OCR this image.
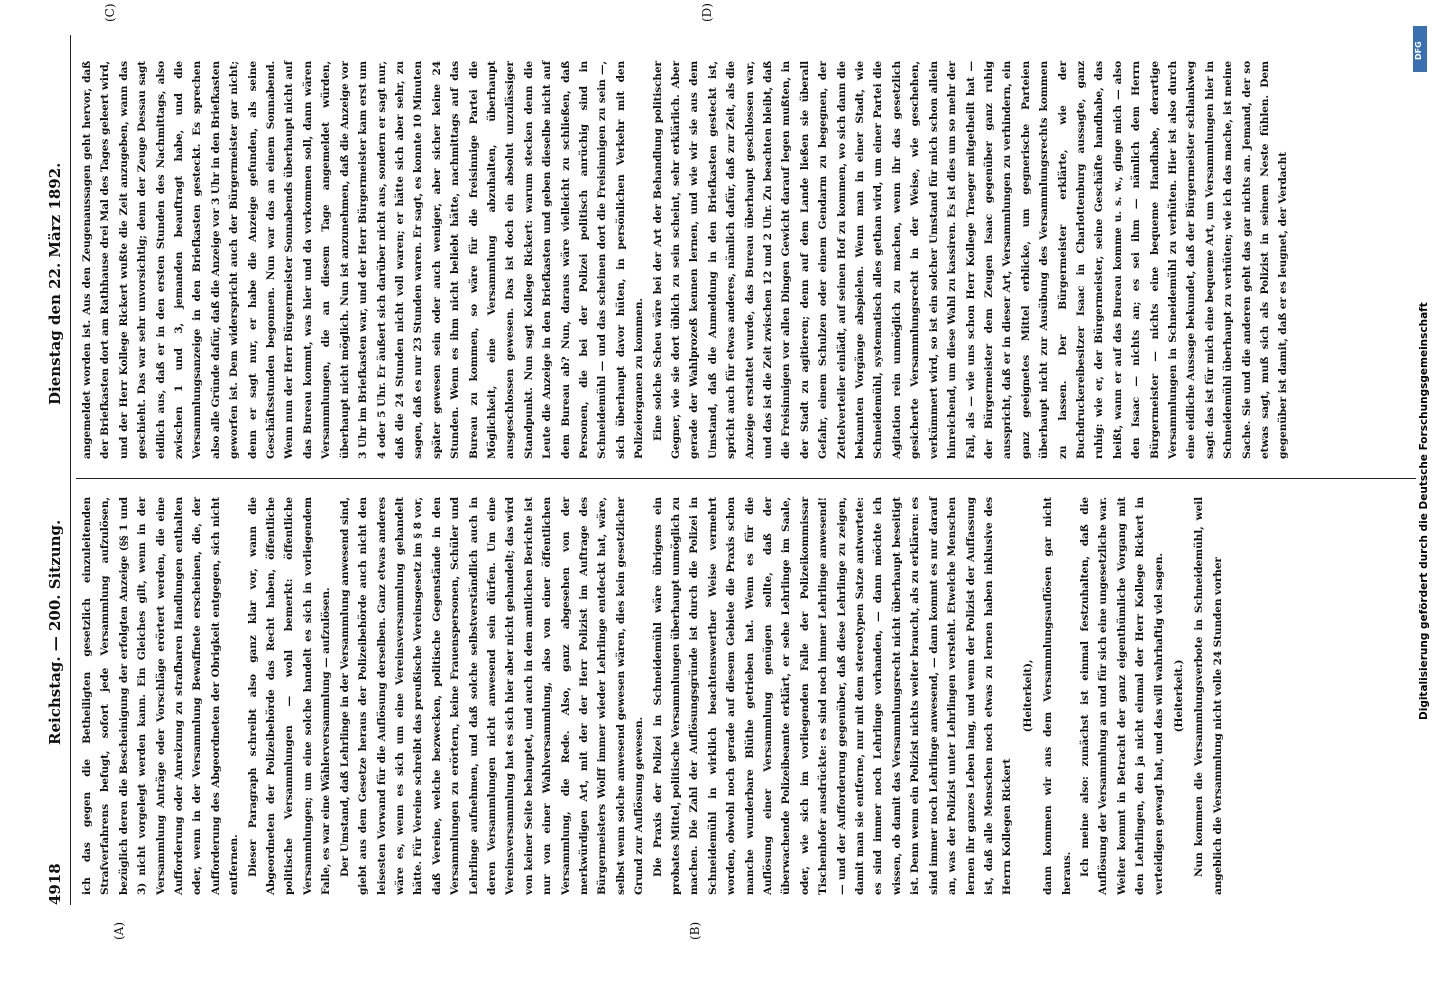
4918
Reichstag. — 200. Sitzung.
Dienstag den 22. März 1892.
(A)	(B)
(C)	(D)

ich das gegen die Betheiligten gesetzlich einzuleitenden Strafverfahrens befugt, sofort jede Versammlung aufzulösen, bezüglich deren die Bescheinigung der erfolgten Anzeige (§§ 1 und 3) nicht vorgelegt werden kann. Ein Gleiches gilt, wenn in der Versammlung Anträge oder Vorschläge erörtert werden, die eine Aufforderung oder Anreizung zu strafbaren Handlungen enthalten oder, wenn in der Versammlung Bewaffnete erscheinen, die, der Aufforderung des Abgeordneten der Obrigkeit entgegen, sich nicht entfernen. Dieser Paragraph schreibt also ganz klar vor, wann die Abgeordneten der Polizeibehörde das Recht haben, öffentliche politische Versammlungen — wohl bemerkt: öffentliche Versammlungen; um eine solche handelt es sich in vorliegendem Falle, es war eine Wählerversammlung — aufzulösen. Der Umstand, daß Lehrlinge in der Versammlung anwesend sind, giebt aus dem Gesetze heraus der Polizeibehörde auch nicht den leisesten Vorwand für die Auflösung derselben. Ganz etwas anderes wäre es, wenn es sich um eine Vereinsversammlung gehandelt hätte. Für Vereine schreibt das preußische Vereinsgesetz im § 8 vor, daß Vereine, welche bezwecken, politische Gegenstände in den Versammlungen zu erörtern, keine Frauenspersonen, Schüler und Lehrlinge aufnehmen, und daß solche selbstverständlich auch in deren Versammlungen nicht anwesend sein dürfen. Um eine Vereinsversammlung hat es sich hier aber nicht gehandelt; das wird von keiner Seite behauptet, und auch in dem amtlichen Berichte ist nur von einer Wahlversammlung, also von einer öffentlichen Versammlung, die Rede. Also, ganz abgesehen von der merkwürdigen Art, mit der der Herr Polizist im Auftrage des Bürgermeisters Wolff immer wieder Lehrlinge entdeckt hat, wäre, selbst wenn solche anwesend gewesen wären, dies kein gesetzlicher Grund zur Auflösung gewesen. Die Praxis der Polizei in Schneidemühl wäre übrigens ein probates Mittel, politische Versammlungen überhaupt unmöglich zu machen. Die Zahl der Auflösungsgründe ist durch die Polizei in Schneidemühl in wirklich beachtenswerther Weise vermehrt worden, obwohl noch gerade auf diesem Gebiete die Praxis schon manche wunderbare Blüthe getrieben hat. Wenn es für die Auflösung einer Versammlung genügen sollte, daß der überwachende Polizeibeamte erklärt, er sehe Lehrlinge im Saale, oder, wie sich im vorliegenden Falle der Polizeikommissar Tischenhofer ausdrückte: es sind noch immer Lehrlinge anwesend! — und der Aufforderung gegenüber, daß diese Lehrlinge zu zeigen, damit man sie entferne, nur mit dem stereotypen Satze antwortete: es sind immer noch Lehrlinge vorhanden, — dann möchte ich wissen, ob damit das Versammlungsrecht nicht überhaupt beseitigt ist. Denn wenn ein Polizist nichts weiter braucht, als zu erklären: es sind immer noch Lehrlinge anwesend, — dann kommt es nur darauf an, was der Polizist unter Lehrlingen versteht. Etwelche Menschen lernen ihr ganzes Leben lang, und wenn der Polizist der Auffassung ist, daß alle Menschen noch etwas zu lernen haben inklusive des Herrn Kollegen Rickert

(Heiterkeit), dann kommen wir aus dem Versammlungsauflösen gar nicht heraus. Ich meine also: zunächst ist einmal festzuhalten, daß die Auflösung der Versammlung an und für sich eine ungesetzliche war. Weiter kommt in Betracht der ganz eigenthümliche Vorgang mit den Lehrlingen, den ja nicht einmal der Herr Kollege Rickert in verteidigen gewagt hat, und das will wahrhaftig viel sagen. (Heiterkeit.) Nun kommen die Versammlungsverbote in Schneidemühl, weil angeblich die Versammlung nicht volle 24 Stunden vorher

angemeldet worden ist. Aus den Zeugenaussagen geht hervor, daß der Briefkasten dort am Rathhause drei Mal des Tages geleert wird, und der Herr Kollege Rickert wußte die Zeit anzugeben, wann das geschieht. Das war sehr unvorsichtig; denn der Zeuge Dessau sagt eidlich aus, daß er in den ersten Stunden des Nachmittags, also zwischen 1 und 3, jemanden beauftragt habe, und die Versammlungsanzeige in den Briefkasten gesteckt. Es sprechen also alle Gründe dafür, daß die Anzeige vor 3 Uhr in den Briefkasten geworfen ist. Dem widerspricht auch der Bürgermeister gar nicht; denn er sagt nur, er habe die Anzeige gefunden, als seine Geschäftsstunden begonnen. Nun war das an einem Sonnabend. Wenn nun der Herr Bürgermeister Sonnabends überhaupt nicht auf das Bureau kommt, was hier und da vorkommen soll, dann wären Versammlungen, die an diesem Tage angemeldet würden, überhaupt nicht möglich. Nun ist anzunehmen, daß die Anzeige vor 3 Uhr im Briefkasten war, und der Herr Bürgermeister kam erst um 4 oder 5 Uhr. Er äußert sich darüber nicht aus, sondern er sagt nur, daß die 24 Stunden nicht voll waren; er hätte sich aber sehr, zu sagen, daß es nur 23 Stunden waren. Er sagt, es konnte 10 Minuten später gewesen sein oder auch weniger, aber sicher keine 24 Stunden. Wenn es ihm nicht beliebt hätte, nachmittags auf das Bureau zu kommen, so wäre für die freisinnige Partei die Möglichkeit, eine Versammlung abzuhalten, überhaupt ausgeschlossen gewesen. Das ist doch ein absolut unzulässiger Standpunkt. Nun sagt Kollege Rickert: warum stecken denn die Leute die Anzeige in den Briefkasten und geben dieselbe nicht auf dem Bureau ab? Nun, daraus wäre vielleicht zu schließen, daß Personen, die bei der Polizei politisch anrüchig sind in Schneidemühl — und das scheinen dort die Freisinnigen zu sein —, sich überhaupt davor hüten, in persönlichen Verkehr mit den Polizeiorganen zu kommen. Eine solche Scheu wäre bei der Art der Behandlung politischer Gegner, wie sie dort üblich zu sein scheint, sehr erklärlich. Aber gerade der Wahlprozeß kennen lernen, und wie wir sie aus dem Umstand, daß die Anmeldung in den Briefkasten gesteckt ist, spricht auch für etwas anderes, nämlich dafür, daß zur Zeit, als die Anzeige erstattet wurde, das Bureau überhaupt geschlossen war, und das ist die Zeit zwischen 12 und 2 Uhr. Zu beachten bleibt, daß die Freisinnigen vor allen Dingen Gewicht darauf legen mußten, in der Stadt zu agitieren; denn auf dem Lande ließen sie überall Gefahr, einem Schulzen oder einem Gendarm zu begegnen, der Zettelverteiler einlädt, auf seinen Hof zu kommen, wo sich dann die bekannten Vorgänge abspielen. Wenn man in einer Stadt, wie Schneidemühl, systematisch alles gethan wird, um einer Partei die Agitation rein unmöglich zu machen, wenn ihr das gesetzlich gesicherte Versammlungsrecht in der Weise, wie geschehen, verkümmert wird, so ist ein solcher Umstand für mich schon allein hinreichend, um diese Wahl zu kassiren. Es ist dies um so mehr der Fall, als — wie uns schon Herr Kollege Traeger mitgetheilt hat — der Bürgermeister dem Zeugen Isaac gegenüber ganz ruhig ausspricht, daß er in dieser Art, Versammlungen zu verhindern, ein ganz geeignetes Mittel erblicke, um gegnerische Parteien überhaupt nicht zur Ausübung des Versammlungsrechts kommen zu lassen. Der Bürgermeister erklärte, wie der Buchdruckereibesitzer Isaac in Charlottenburg aussagte, ganz ruhig: wie er, der Bürgermeister, seine Geschäfte handhabe, das heißt, wann er auf das Bureau komme u. s. w., ginge mich — also den Isaac — nichts an; es sei ihm — nämlich dem Herrn Bürgermeister — nichts eine bequeme Handhabe, derartige Versammlungen in Schneidemühl zu verhüten. Hier ist also durch eine eidliche Aussage bekundet, daß der Bürgermeister schlankweg sagt: das ist für mich eine bequeme Art, um Versammlungen hier in Schneidemühl überhaupt zu verhüten; wie ich das mache, ist meine Sache. Sie und die anderen geht das gar nichts an. Jemand, der so etwas sagt, muß sich als Polizist in seinem Neste fühlen. Dem gegenüber ist damit, daß er es leugnet, der Verdacht	Digitalisierung gefördert durch die Deutsche Forschungsgemeinschaft
DFG
